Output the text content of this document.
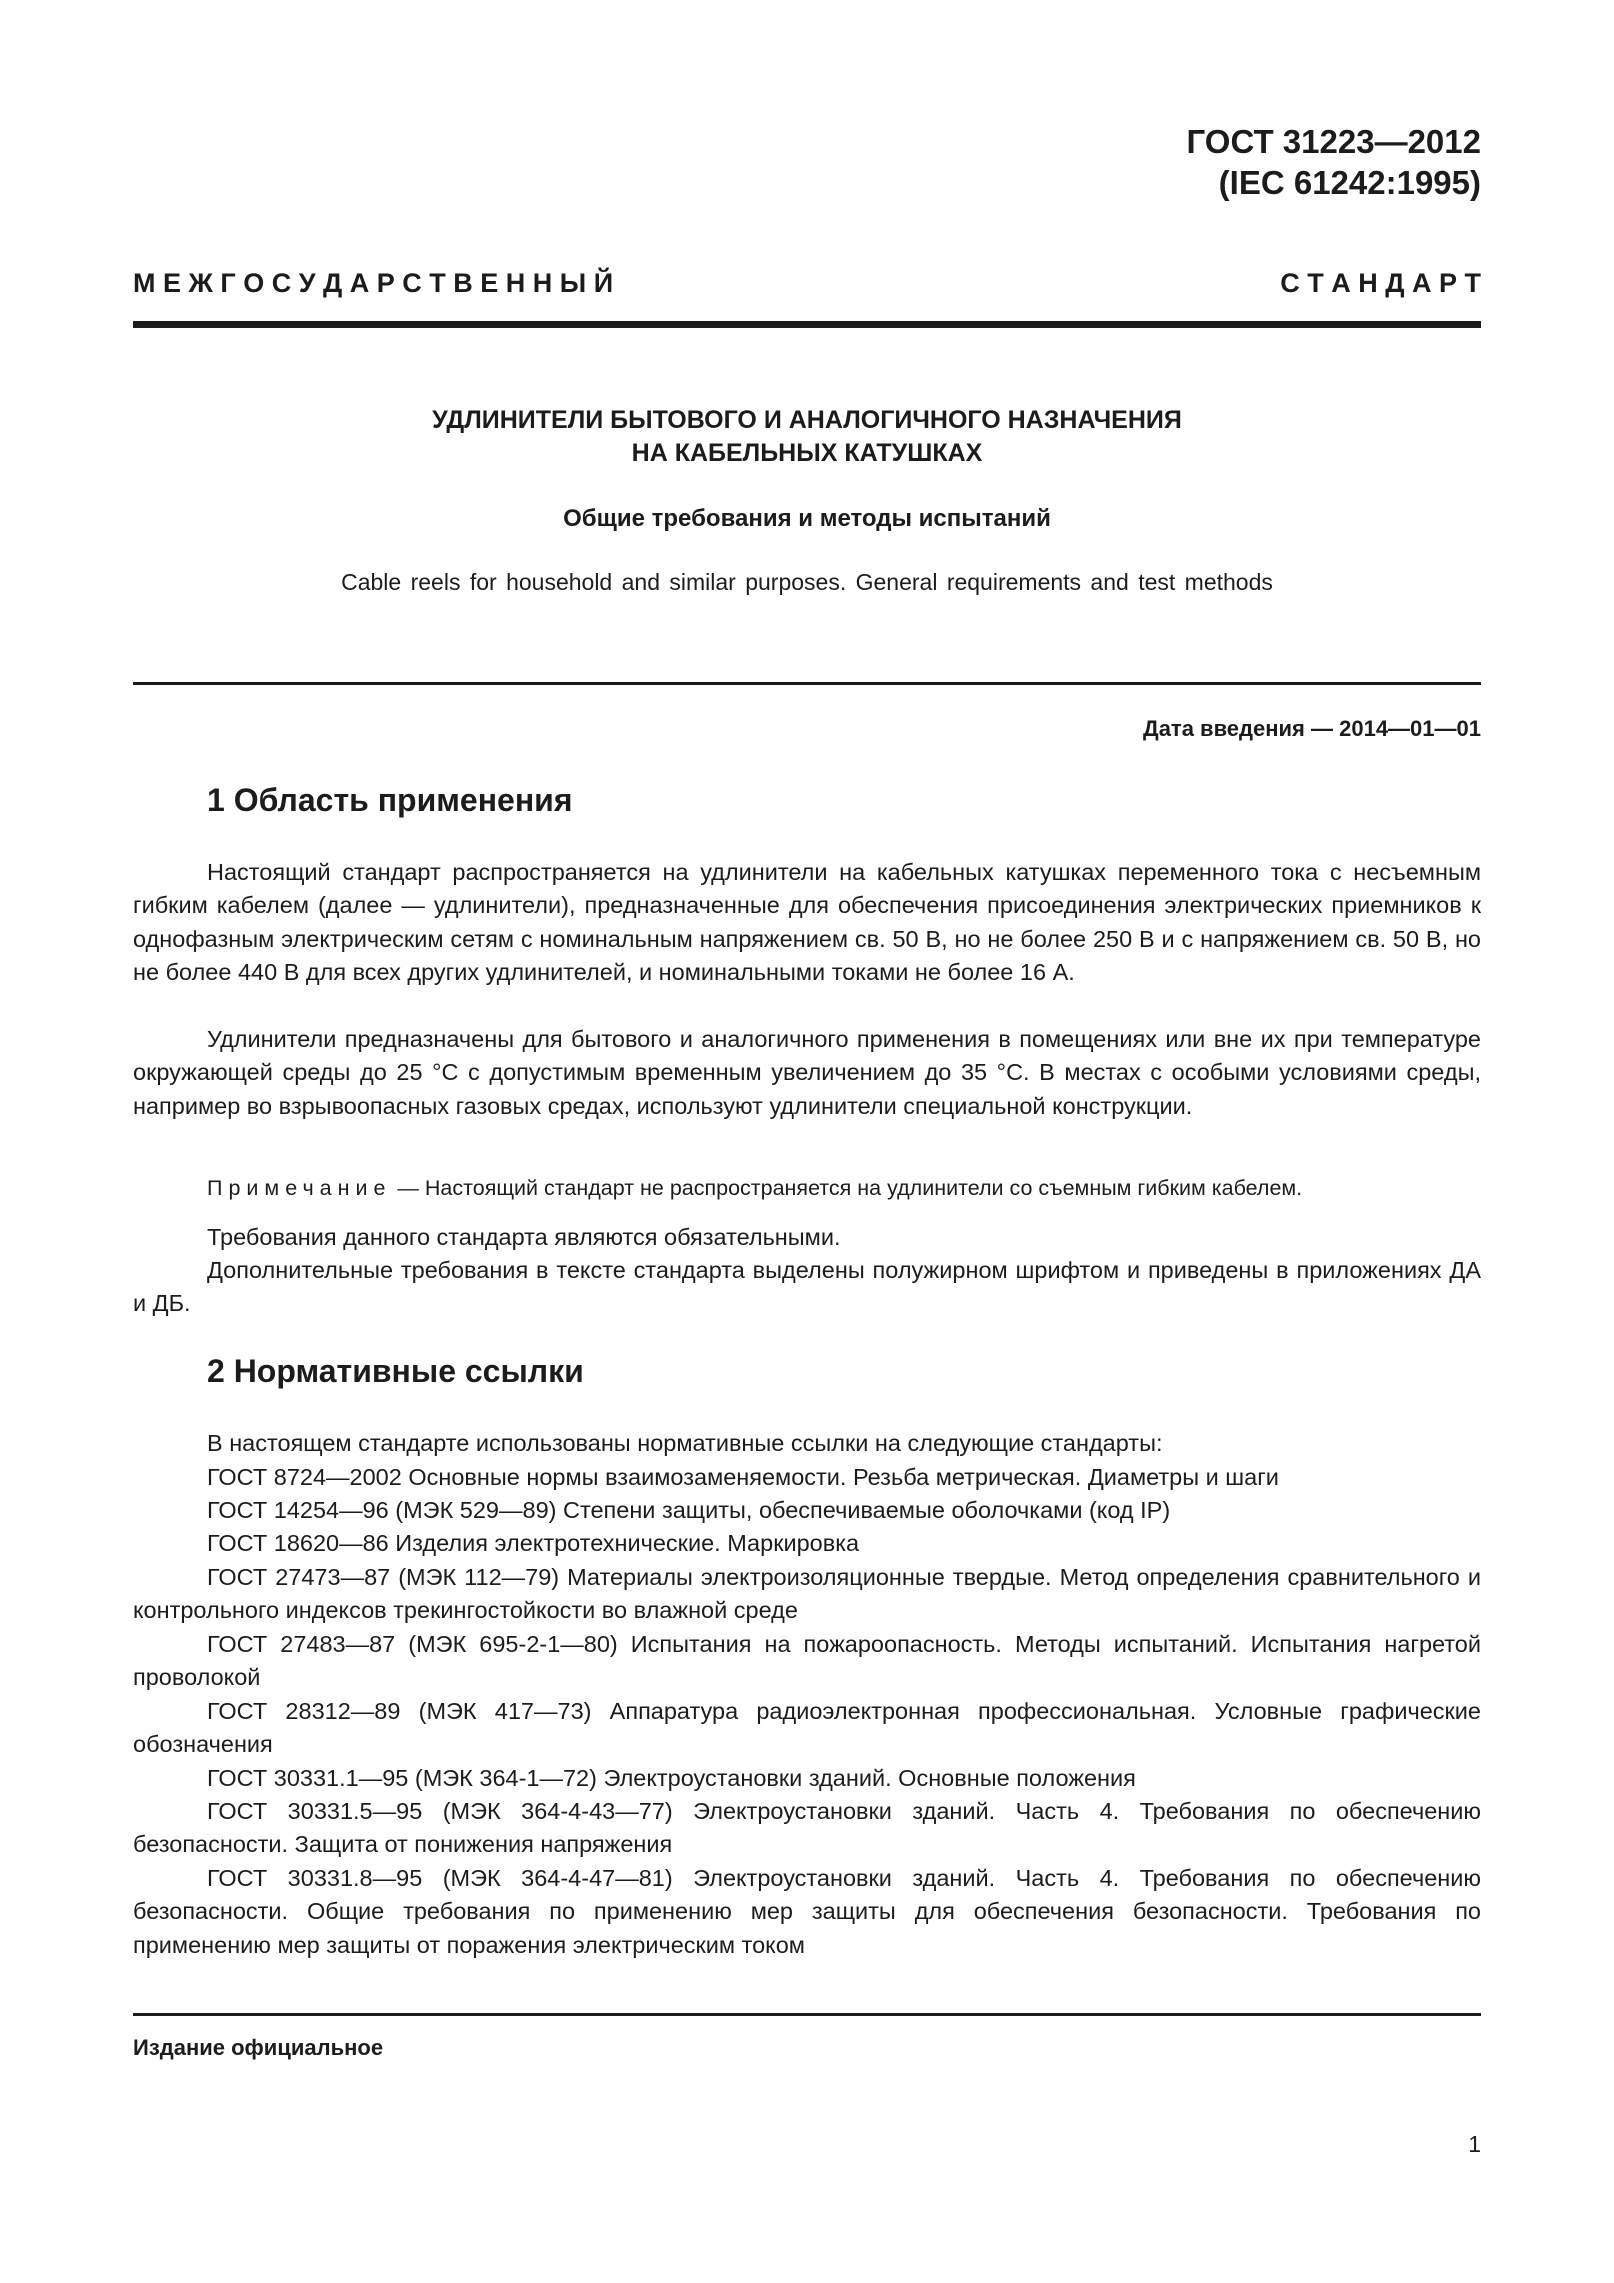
ГОСТ 31223—2012
(IEC 61242:1995)
М Е Ж Г О С У Д А Р С Т В Е Н Н Ы Й	С Т А Н Д А Р Т
УДЛИНИТЕЛИ БЫТОВОГО И АНАЛОГИЧНОГО НАЗНАЧЕНИЯ
НА КАБЕЛЬНЫХ КАТУШКАХ
Общие требования и методы испытаний
Cable reels for household and similar purposes. General requirements and test methods
Дата введения — 2014—01—01
1 Область применения
Настоящий стандарт распространяется на удлинители на кабельных катушках переменного тока с несъемным гибким кабелем (далее — удлинители), предназначенные для обеспечения присоединения электрических приемников к однофазным электрическим сетям с номинальным напряжением св. 50 В, но не более 250 В и с напряжением св. 50 В, но не более 440 В для всех других удлинителей, и номинальными токами не более 16 А.
Удлинители предназначены для бытового и аналогичного применения в помещениях или вне их при температуре окружающей среды до 25 °С с допустимым временным увеличением до 35 °С. В местах с особыми условиями среды, например во взрывоопасных газовых средах, используют удлинители специальной конструкции.
Примечание — Настоящий стандарт не распространяется на удлинители со съемным гибким кабелем.
Требования данного стандарта являются обязательными.
Дополнительные требования в тексте стандарта выделены полужирном шрифтом и приведены в приложениях ДА и ДБ.
2 Нормативные ссылки
В настоящем стандарте использованы нормативные ссылки на следующие стандарты:
ГОСТ 8724—2002 Основные нормы взаимозаменяемости. Резьба метрическая. Диаметры и шаги
ГОСТ 14254—96 (МЭК 529—89) Степени защиты, обеспечиваемые оболочками (код IP)
ГОСТ 18620—86 Изделия электротехнические. Маркировка
ГОСТ 27473—87 (МЭК 112—79) Материалы электроизоляционные твердые. Метод определения сравнительного и контрольного индексов трекингостойкости во влажной среде
ГОСТ 27483—87 (МЭК 695-2-1—80) Испытания на пожароопасность. Методы испытаний. Испытания нагретой проволокой
ГОСТ 28312—89 (МЭК 417—73) Аппаратура радиоэлектронная профессиональная. Условные графические обозначения
ГОСТ 30331.1—95 (МЭК 364-1—72) Электроустановки зданий. Основные положения
ГОСТ 30331.5—95 (МЭК 364-4-43—77) Электроустановки зданий. Часть 4. Требования по обеспечению безопасности. Защита от понижения напряжения
ГОСТ 30331.8—95 (МЭК 364-4-47—81) Электроустановки зданий. Часть 4. Требования по обеспечению безопасности. Общие требования по применению мер защиты для обеспечения безопасности. Требования по применению мер защиты от поражения электрическим током
Издание официальное
1
